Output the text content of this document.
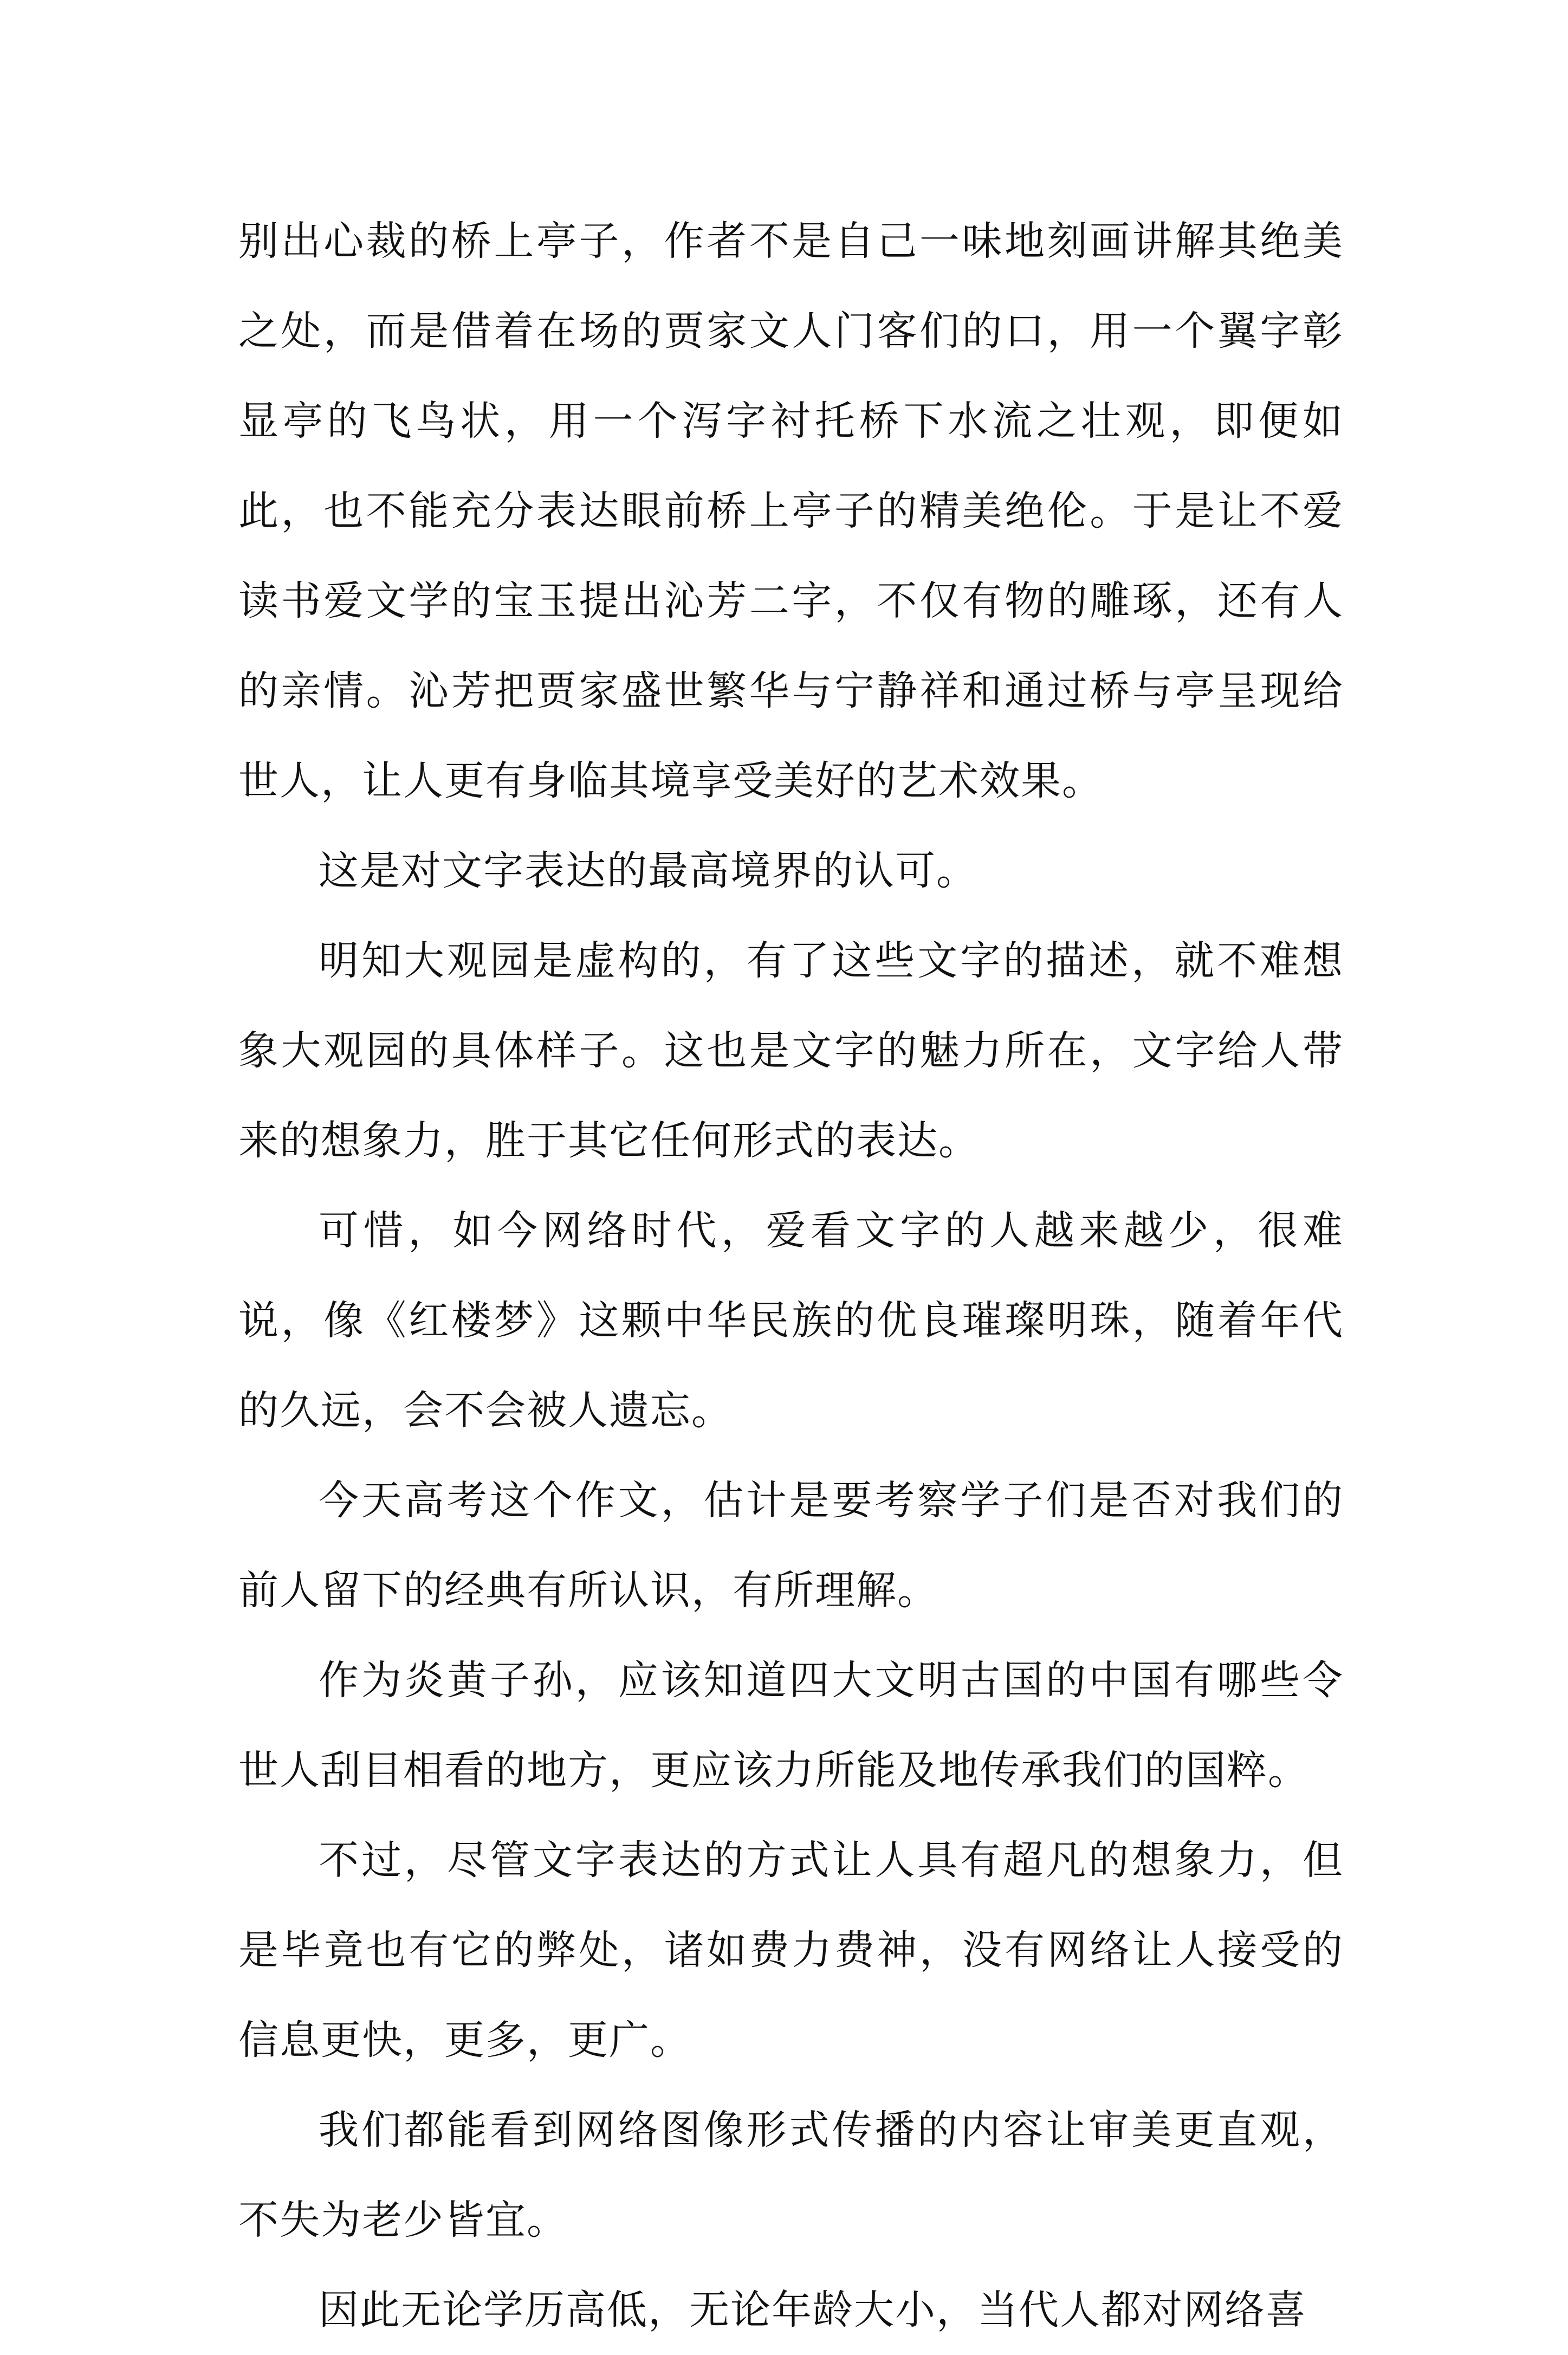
别出心裁的桥上亭子，作者不是自己一味地刻画讲解其绝美之处，而是借着在场的贾家文人门客们的口，用一个翼字彰显亭的飞鸟状，用一个泻字衬托桥下水流之壮观，即便如此，也不能充分表达眼前桥上亭子的精美绝伦。于是让不爱读书爱文学的宝玉提出沁芳二字，不仅有物的雕琢，还有人的亲情。沁芳把贾家盛世繁华与宁静祥和通过桥与亭呈现给世人，让人更有身临其境享受美好的艺术效果。

这是对文字表达的最高境界的认可。

明知大观园是虚构的，有了这些文字的描述，就不难想象大观园的具体样子。这也是文字的魅力所在，文字给人带来的想象力，胜于其它任何形式的表达。

可惜，如今网络时代，爱看文字的人越来越少，很难说，像《红楼梦》这颗中华民族的优良璀璨明珠，随着年代的久远，会不会被人遗忘。

今天高考这个作文，估计是要考察学子们是否对我们的前人留下的经典有所认识，有所理解。

作为炎黄子孙，应该知道四大文明古国的中国有哪些令世人刮目相看的地方，更应该力所能及地传承我们的国粹。

不过，尽管文字表达的方式让人具有超凡的想象力，但是毕竟也有它的弊处，诸如费力费神，没有网络让人接受的信息更快，更多，更广。

我们都能看到网络图像形式传播的内容让审美更直观，不失为老少皆宜。

因此无论学历高低，无论年龄大小，当代人都对网络喜
